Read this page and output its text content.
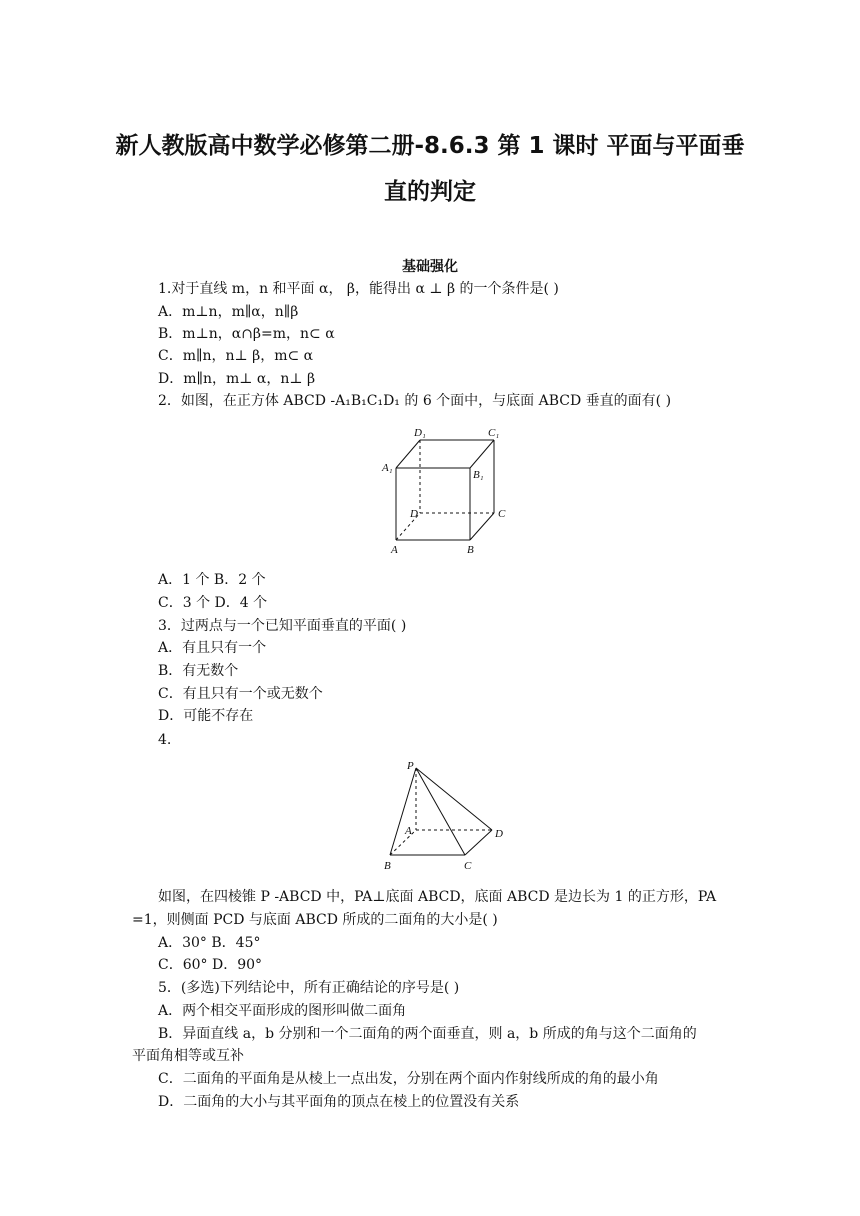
新人教版高中数学必修第二册-8.6.3 第 1 课时 平面与平面垂
直的判定
基础强化
1.对于直线 m，n 和平面 α， β，能得出 α ⊥ β 的一个条件是( )
A．m⊥n，m∥α，n∥β
B．m⊥n，α∩β=m，n⊂ α
C．m∥n，n⊥ β，m⊂ α
D．m∥n，m⊥ α，n⊥ β
2．如图，在正方体 ABCD -A₁B₁C₁D₁ 的 6 个面中，与底面 ABCD 垂直的面有( )
D₁	C₁
A₁
B₁
D	C
A	B
A．1 个 B．2 个
C．3 个 D．4 个
3．过两点与一个已知平面垂直的平面( )
A．有且只有一个
B．有无数个
C．有且只有一个或无数个
D．可能不存在
4.
P
A	D
B	C
如图，在四棱锥 P -ABCD 中，PA⊥底面 ABCD，底面 ABCD 是边长为 1 的正方形，PA
=1，则侧面 PCD 与底面 ABCD 所成的二面角的大小是( )
A．30° B．45°
C．60° D．90°
5．(多选)下列结论中，所有正确结论的序号是( )
A．两个相交平面形成的图形叫做二面角
B．异面直线 a，b 分别和一个二面角的两个面垂直，则 a，b 所成的角与这个二面角的
平面角相等或互补
C．二面角的平面角是从棱上一点出发，分别在两个面内作射线所成的角的最小角
D．二面角的大小与其平面角的顶点在棱上的位置没有关系
